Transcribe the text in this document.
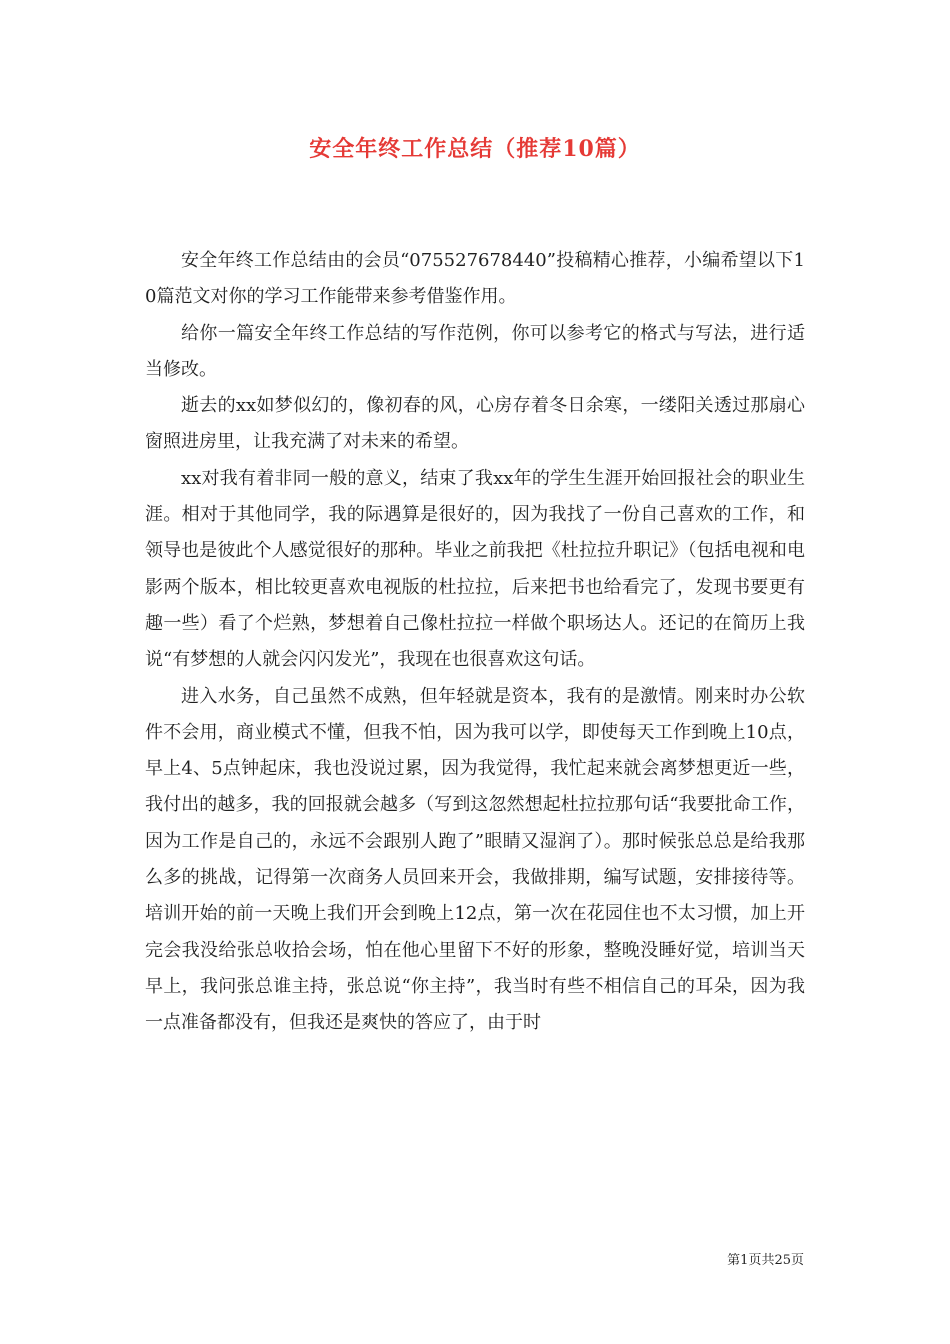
安全年终工作总结（推荐10篇）

安全年终工作总结由的会员“075527678440”投稿精心推荐，小编希望以下10篇范文对你的学习工作能带来参考借鉴作用。

给你一篇安全年终工作总结的写作范例，你可以参考它的格式与写法，进行适当修改。

逝去的xx如梦似幻的，像初春的风，心房存着冬日余寒，一缕阳关透过那扇心窗照进房里，让我充满了对未来的希望。

xx对我有着非同一般的意义，结束了我xx年的学生生涯开始回报社会的职业生涯。相对于其他同学，我的际遇算是很好的，因为我找了一份自己喜欢的工作，和领导也是彼此个人感觉很好的那种。毕业之前我把《杜拉拉升职记》（包括电视和电影两个版本，相比较更喜欢电视版的杜拉拉，后来把书也给看完了，发现书要更有趣一些）看了个烂熟，梦想着自己像杜拉拉一样做个职场达人。还记的在简历上我说“有梦想的人就会闪闪发光”，我现在也很喜欢这句话。

进入水务，自己虽然不成熟，但年轻就是资本，我有的是激情。刚来时办公软件不会用，商业模式不懂，但我不怕，因为我可以学，即使每天工作到晚上10点，早上4、5点钟起床，我也没说过累，因为我觉得，我忙起来就会离梦想更近一些，我付出的越多，我的回报就会越多（写到这忽然想起杜拉拉那句话“我要批命工作，因为工作是自己的，永远不会跟别人跑了”眼睛又湿润了）。那时候张总总是给我那么多的挑战，记得第一次商务人员回来开会，我做排期，编写试题，安排接待等。培训开始的前一天晚上我们开会到晚上12点，第一次在花园住也不太习惯，加上开完会我没给张总收拾会场，怕在他心里留下不好的形象，整晚没睡好觉，培训当天早上，我问张总谁主持，张总说“你主持”，我当时有些不相信自己的耳朵，因为我一点准备都没有，但我还是爽快的答应了，由于时

第1页共25页
